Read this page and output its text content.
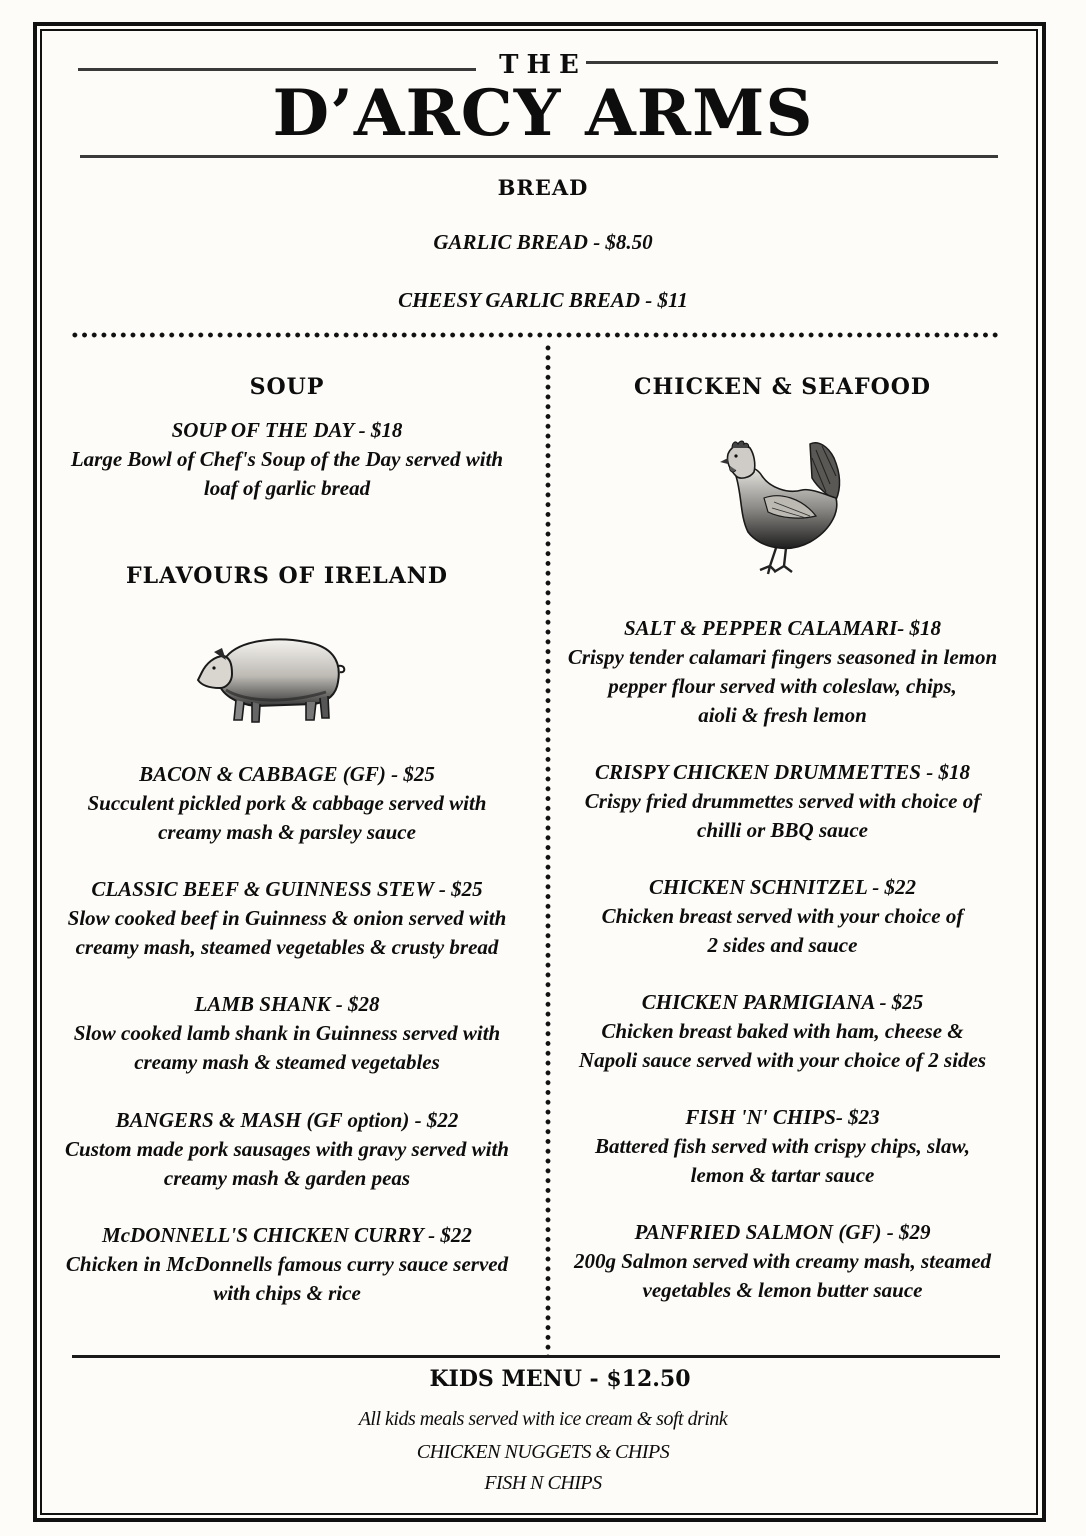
THE
D’ARCY ARMS
BREAD
GARLIC BREAD - $8.50
CHEESY GARLIC BREAD - $11
SOUP
SOUP OF THE DAY - $18
Large Bowl of Chef's Soup of the Day served with
loaf of garlic bread
FLAVOURS OF IRELAND
BACON & CABBAGE (GF) - $25
Succulent pickled pork & cabbage served with
creamy mash & parsley sauce
CLASSIC BEEF & GUINNESS STEW - $25
Slow cooked beef in Guinness & onion served with
creamy mash, steamed vegetables & crusty bread
LAMB SHANK - $28
Slow cooked lamb shank in Guinness served with
creamy mash & steamed vegetables
BANGERS & MASH (GF option) - $22
Custom made pork sausages with gravy served with
creamy mash & garden peas
McDONNELL'S CHICKEN CURRY - $22
Chicken in McDonnells famous curry sauce served
with chips & rice
CHICKEN & SEAFOOD
SALT & PEPPER CALAMARI- $18
Crispy tender calamari fingers seasoned in lemon
pepper flour served with coleslaw, chips,
aioli & fresh lemon
CRISPY CHICKEN DRUMMETTES - $18
Crispy fried drummettes served with choice of
chilli or BBQ sauce
CHICKEN SCHNITZEL - $22
Chicken breast served with your choice of
2 sides and sauce
CHICKEN PARMIGIANA - $25
Chicken breast baked with ham, cheese &
Napoli sauce served with your choice of 2 sides
FISH 'N' CHIPS- $23
Battered fish served with crispy chips, slaw,
lemon & tartar sauce
PANFRIED SALMON (GF) - $29
200g Salmon served with creamy mash, steamed
vegetables & lemon butter sauce
KIDS MENU - $12.50
All kids meals served with ice cream & soft drink
CHICKEN NUGGETS & CHIPS
FISH N CHIPS
